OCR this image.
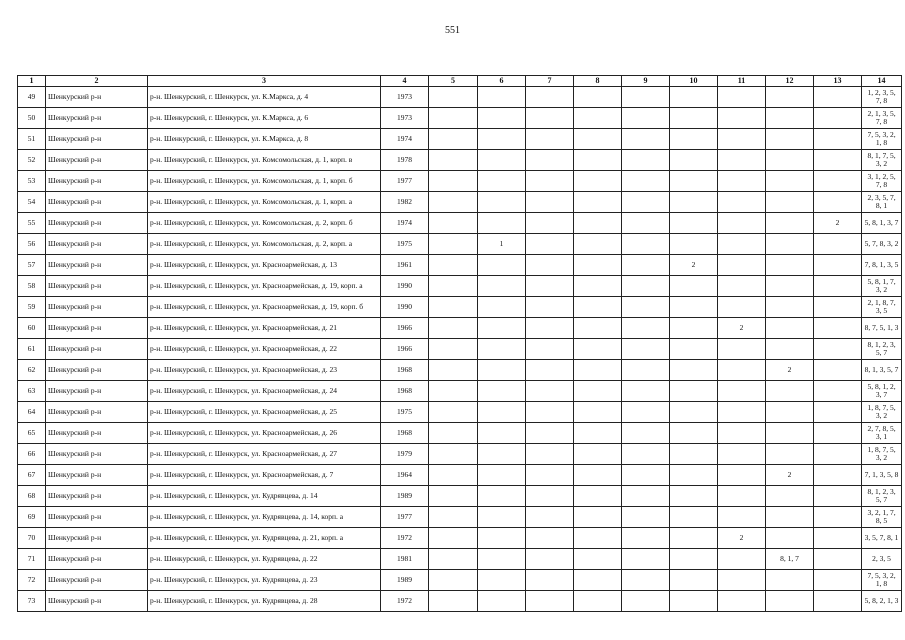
551
1	2	3	4	5	6	7	8	9	10	11	12	13	14
49	Шенкурский р-н	р-н. Шенкурский, г. Шенкурск, ул. К.Маркса, д. 4	1973										1, 2, 3, 5, 7, 8
50	Шенкурский р-н	р-н. Шенкурский, г. Шенкурск, ул. К.Маркса, д. 6	1973										2, 1, 3, 5, 7, 8
51	Шенкурский р-н	р-н. Шенкурский, г. Шенкурск, ул. К.Маркса, д. 8	1974										7, 5, 3, 2, 1, 8
52	Шенкурский р-н	р-н. Шенкурский, г. Шенкурск, ул. Комсомольская, д. 1, корп. в	1978										8, 1, 7, 5, 3, 2
53	Шенкурский р-н	р-н. Шенкурский, г. Шенкурск, ул. Комсомольская, д. 1, корп. б	1977										3, 1, 2, 5, 7, 8
54	Шенкурский р-н	р-н. Шенкурский, г. Шенкурск, ул. Комсомольская, д. 1, корп. а	1982										2, 3, 5, 7, 8, 1
55	Шенкурский р-н	р-н. Шенкурский, г. Шенкурск, ул. Комсомольская, д. 2, корп. б	1974									2	5, 8, 1, 3, 7
56	Шенкурский р-н	р-н. Шенкурский, г. Шенкурск, ул. Комсомольская, д. 2, корп. а	1975		1								5, 7, 8, 3, 2
57	Шенкурский р-н	р-н. Шенкурский, г. Шенкурск, ул. Красноармейская, д. 13	1961						2				7, 8, 1, 3, 5
58	Шенкурский р-н	р-н. Шенкурский, г. Шенкурск, ул. Красноармейская, д. 19, корп. а	1990										5, 8, 1, 7, 3, 2
59	Шенкурский р-н	р-н. Шенкурский, г. Шенкурск, ул. Красноармейская, д. 19, корп. б	1990										2, 1, 8, 7, 3, 5
60	Шенкурский р-н	р-н. Шенкурский, г. Шенкурск, ул. Красноармейская, д. 21	1966							2			8, 7, 5, 1, 3
61	Шенкурский р-н	р-н. Шенкурский, г. Шенкурск, ул. Красноармейская, д. 22	1966										8, 1, 2, 3, 5, 7
62	Шенкурский р-н	р-н. Шенкурский, г. Шенкурск, ул. Красноармейская, д. 23	1968								2		8, 1, 3, 5, 7
63	Шенкурский р-н	р-н. Шенкурский, г. Шенкурск, ул. Красноармейская, д. 24	1968										5, 8, 1, 2, 3, 7
64	Шенкурский р-н	р-н. Шенкурский, г. Шенкурск, ул. Красноармейская, д. 25	1975										1, 8, 7, 5, 3, 2
65	Шенкурский р-н	р-н. Шенкурский, г. Шенкурск, ул. Красноармейская, д. 26	1968										2, 7, 8, 5, 3, 1
66	Шенкурский р-н	р-н. Шенкурский, г. Шенкурск, ул. Красноармейская, д. 27	1979										1, 8, 7, 5, 3, 2
67	Шенкурский р-н	р-н. Шенкурский, г. Шенкурск, ул. Красноармейская, д. 7	1964								2		7, 1, 3, 5, 8
68	Шенкурский р-н	р-н. Шенкурский, г. Шенкурск, ул. Кудрявцева, д. 14	1989										8, 1, 2, 3, 5, 7
69	Шенкурский р-н	р-н. Шенкурский, г. Шенкурск, ул. Кудрявцева, д. 14, корп. а	1977										3, 2, 1, 7, 8, 5
70	Шенкурский р-н	р-н. Шенкурский, г. Шенкурск, ул. Кудрявцева, д. 21, корп. а	1972							2			3, 5, 7, 8, 1
71	Шенкурский р-н	р-н. Шенкурский, г. Шенкурск, ул. Кудрявцева, д. 22	1981								8, 1, 7		2, 3, 5
72	Шенкурский р-н	р-н. Шенкурский, г. Шенкурск, ул. Кудрявцева, д. 23	1989										7, 5, 3, 2, 1, 8
73	Шенкурский р-н	р-н. Шенкурский, г. Шенкурск, ул. Кудрявцева, д. 28	1972										5, 8, 2, 1, 3
